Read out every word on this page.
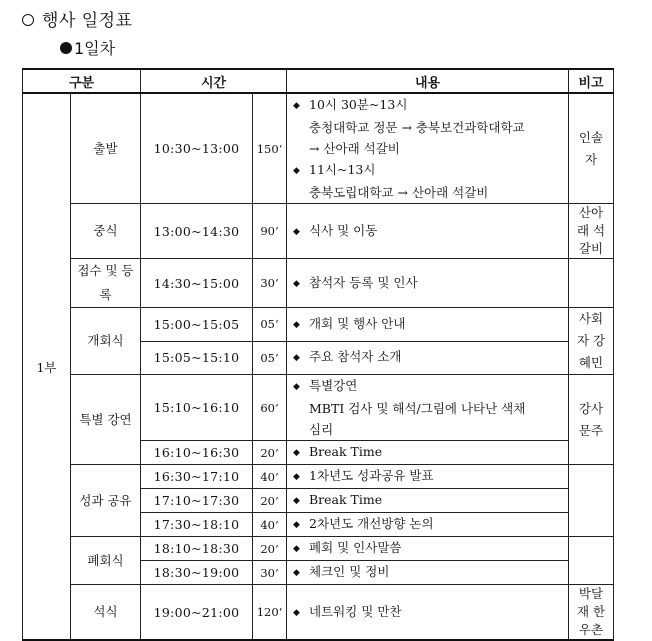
행사 일정표
1일차
구분		시간		내용	비고
1부	출발	10:30~13:00	150‘	◆ 10시 30분~13시
충청대학교 정문 → 충북보건과학대학교
→ 산아래 석갈비
◆ 11시~13시
충북도립대학교 → 산아래 석갈비	인솔자
	중식	13:00~14:30	90‘	◆ 식사 및 이동	산아래 석갈비
	접수 및 등록	14:30~15:00	30‘	◆ 참석자 등록 및 인사	
	개회식	15:00~15:05	05‘	◆ 개회 및 행사 안내	사회자 강혜민
		15:05~15:10	05‘	◆ 주요 참석자 소개	
	특별 강연	15:10~16:10	60‘	◆ 특별강연
MBTI 검사 및 해석/그림에 나타난 색채
심리	강사 문주
		16:10~16:30	20‘	◆ Break Time	
	성과 공유	16:30~17:10	40‘	◆ 1차년도 성과공유 발표	
		17:10~17:30	20‘	◆ Break Time	
		17:30~18:10	40‘	◆ 2차년도 개선방향 논의	
	폐회식	18:10~18:30	20‘	◆ 폐회 및 인사말씀	
		18:30~19:00	30‘	◆ 체크인 및 정비	
	석식	19:00~21:00	120‘	◆ 네트워킹 및 만찬	박달재 한우촌
